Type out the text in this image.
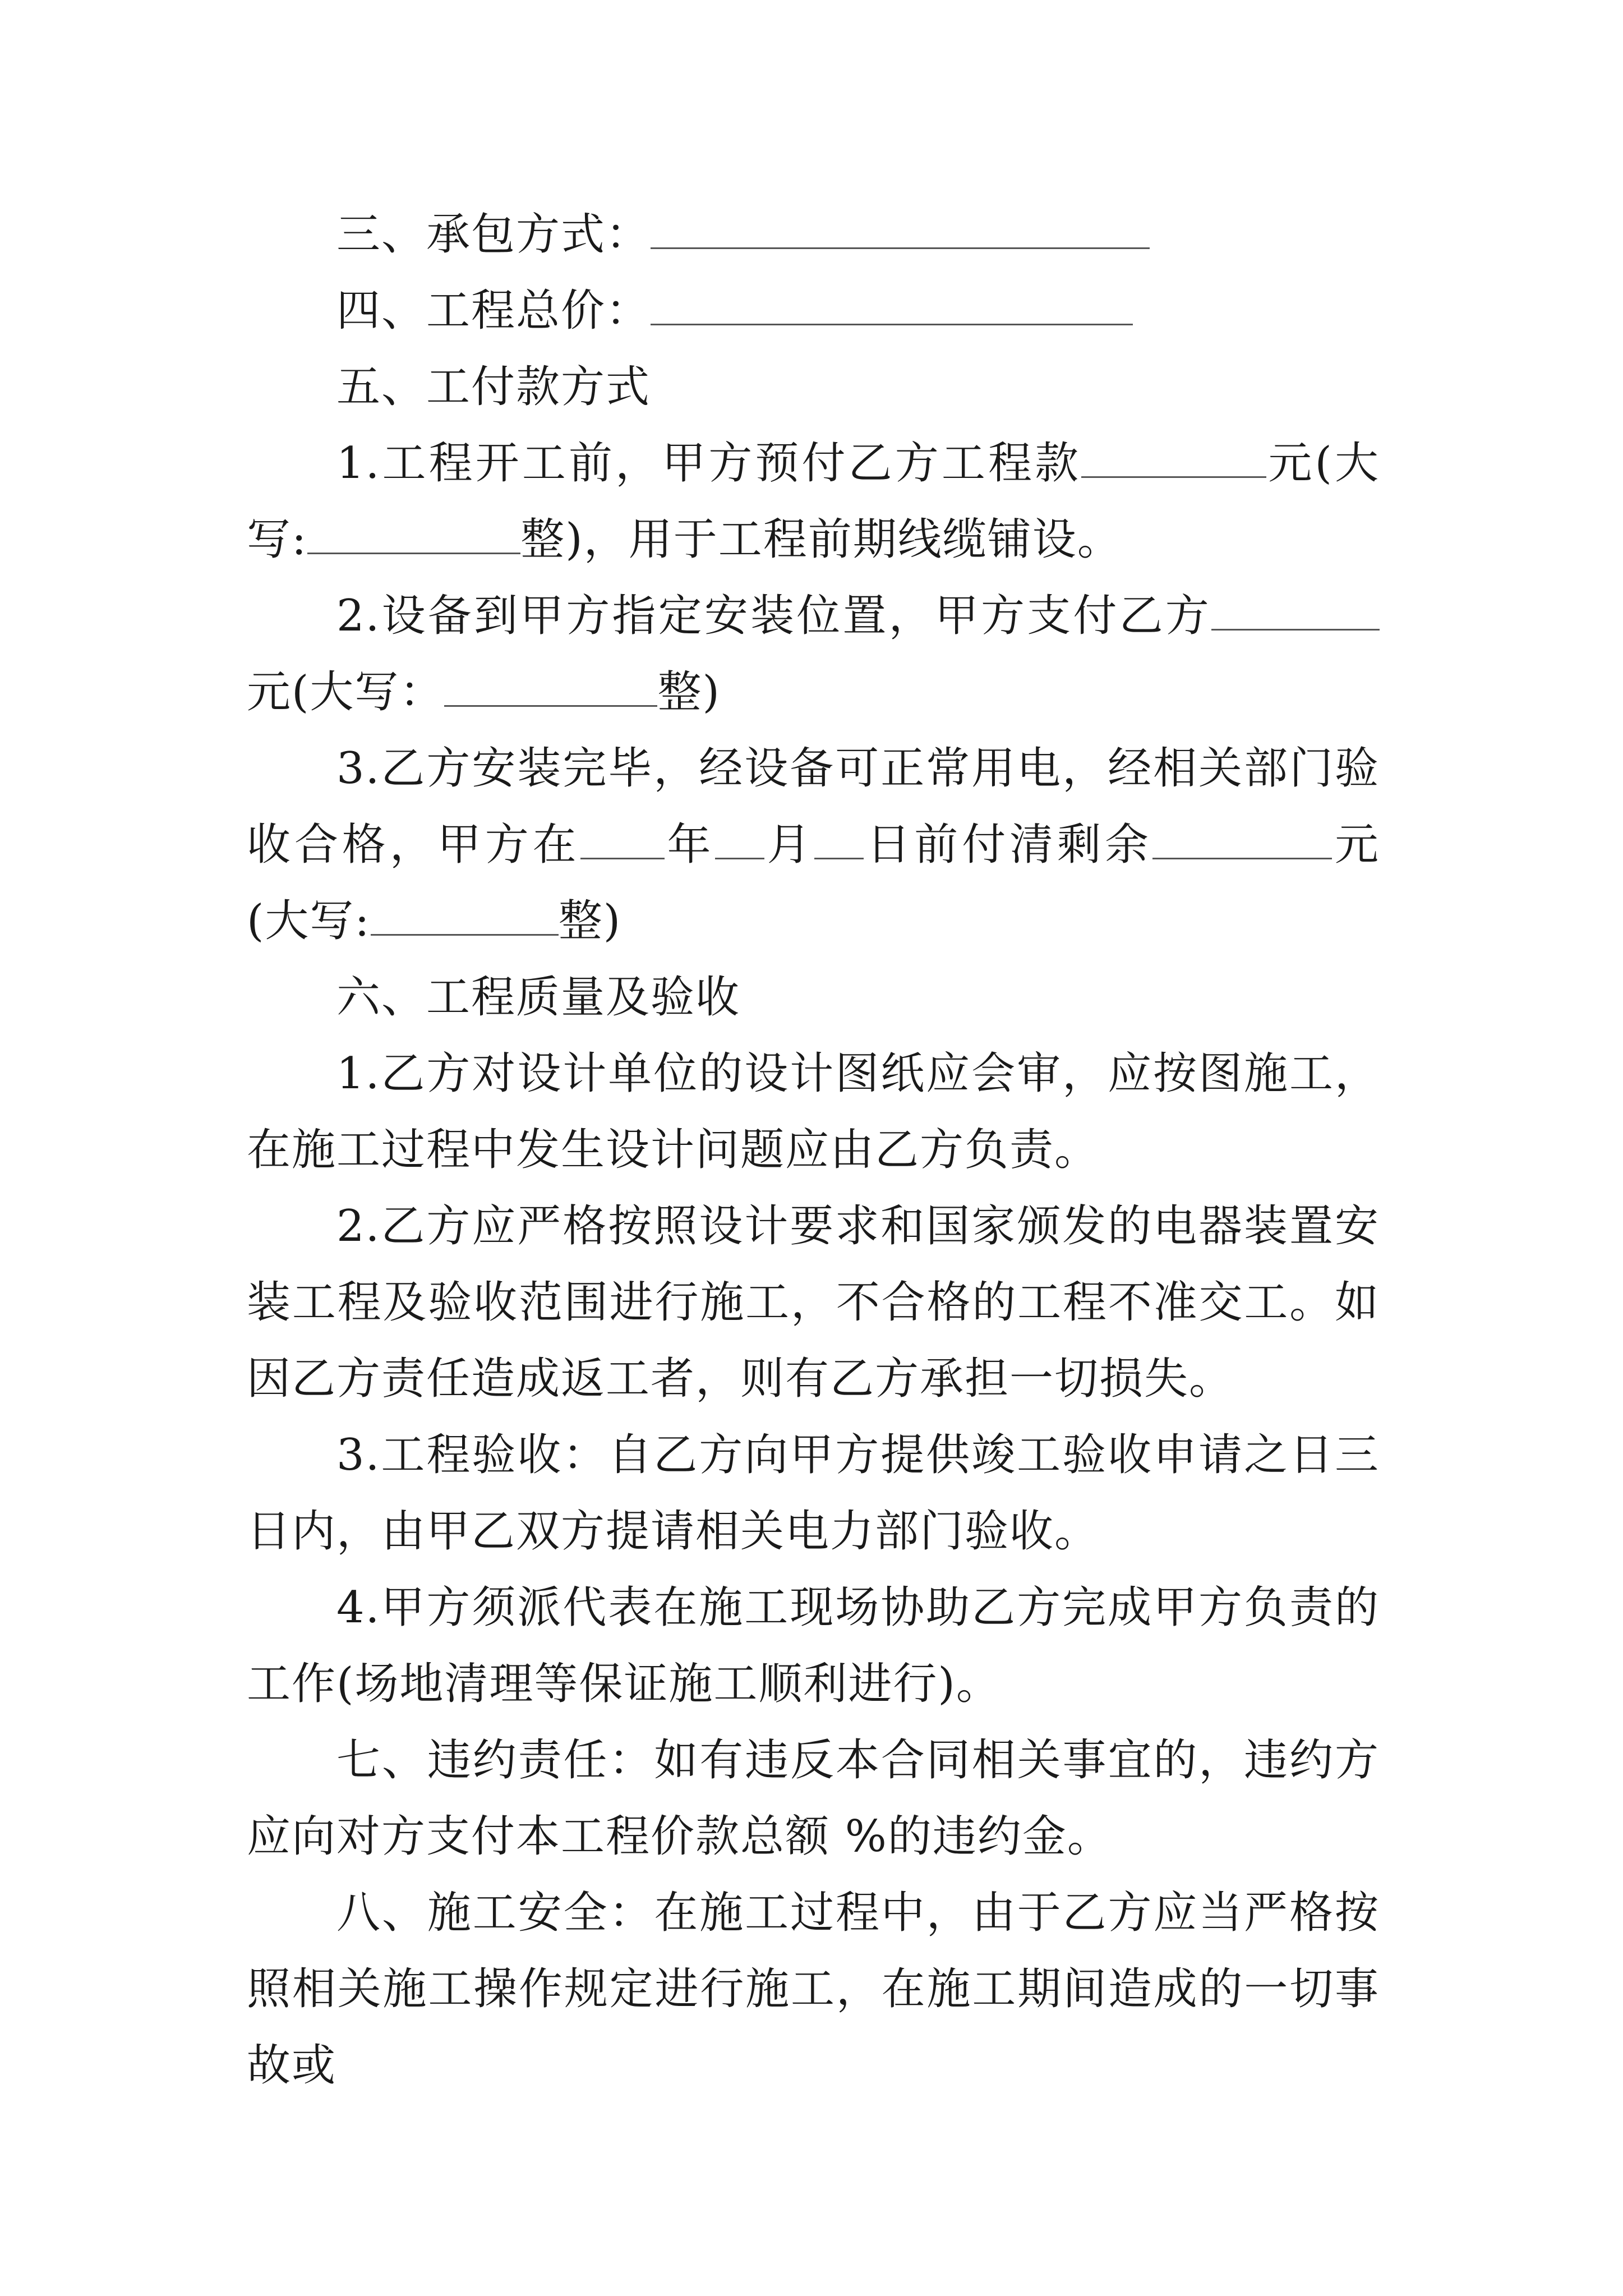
三、承包方式：

四、工程总价：

五、工付款方式

1.工程开工前，甲方预付乙方工程款	元(大写:	整)，用于工程前期线缆铺设。

2.设备到甲方指定安装位置，甲方支付乙方元(大写：	整)

3.乙方安装完毕，经设备可正常用电，经相关部门验收合格，甲方在 年 月 日前付清剩余	元(大写:	整)

六、工程质量及验收

1.乙方对设计单位的设计图纸应会审，应按图施工，在施工过程中发生设计问题应由乙方负责。

2.乙方应严格按照设计要求和国家颁发的电器装置安装工程及验收范围进行施工，不合格的工程不准交工。如因乙方责任造成返工者，则有乙方承担一切损失。

3.工程验收：自乙方向甲方提供竣工验收申请之日三日内，由甲乙双方提请相关电力部门验收。

4.甲方须派代表在施工现场协助乙方完成甲方负责的工作(场地清理等保证施工顺利进行)。

七、违约责任：如有违反本合同相关事宜的，违约方应向对方支付本工程价款总额 %的违约金。

八、施工安全：在施工过程中，由于乙方应当严格按照相关施工操作规定进行施工，在施工期间造成的一切事故或
